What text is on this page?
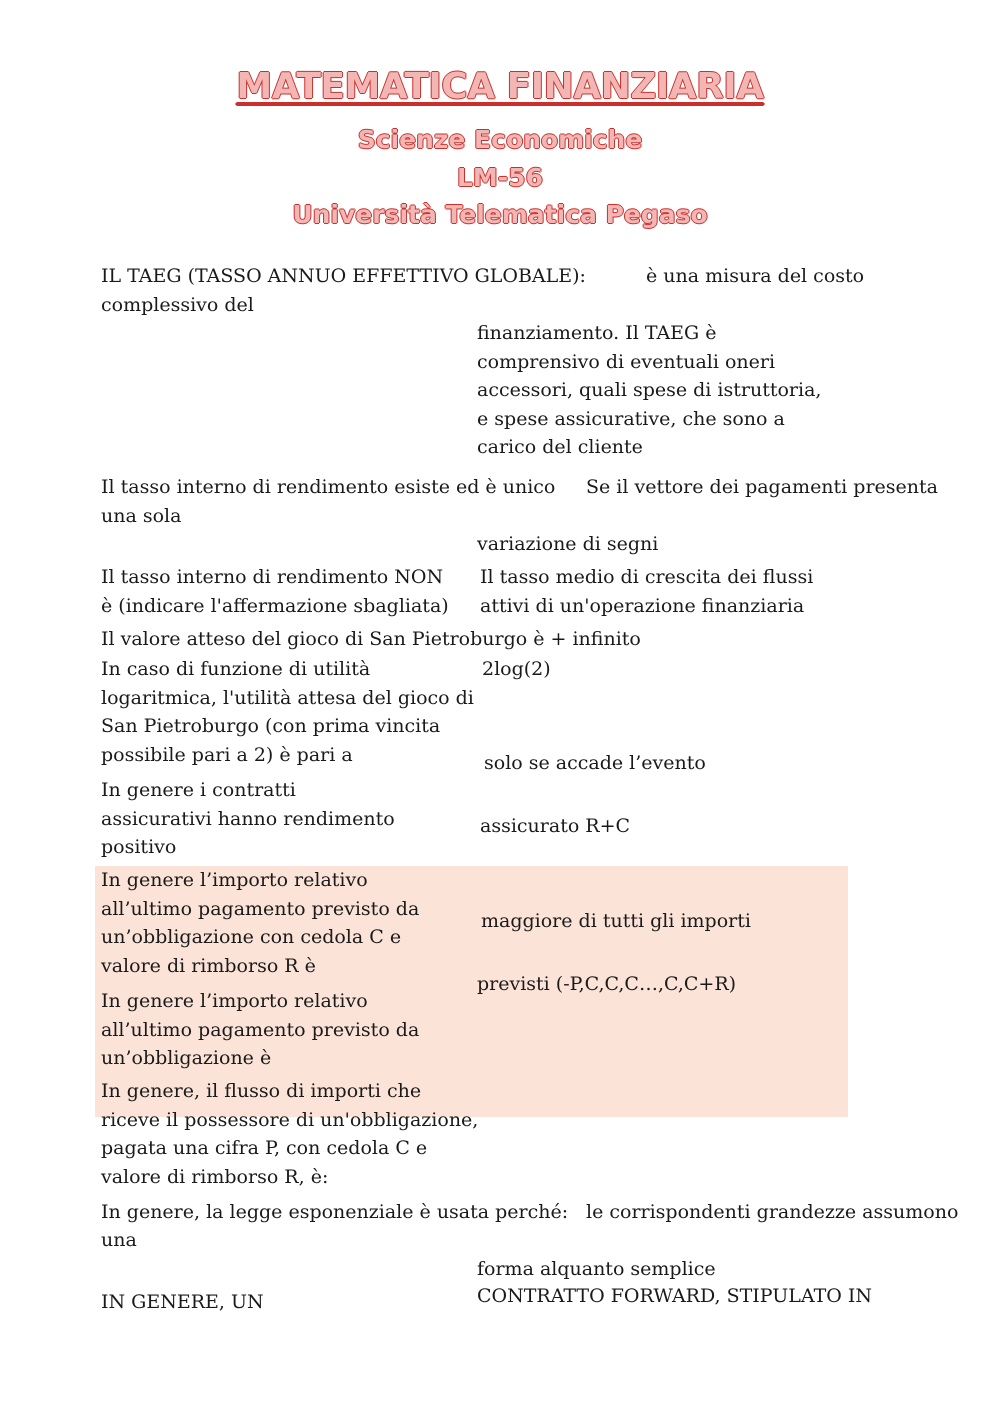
MATEMATICA FINANZIARIA
Scienze Economiche
LM-56
Università Telematica Pegaso

IL TAEG (TASSO ANNUO EFFETTIVO GLOBALE):	è una misura del costo

complessivo del

finanziamento. Il TAEG è
comprensivo di eventuali oneri
accessori, quali spese di istruttoria,
e spese assicurative, che sono a
carico del cliente

Il tasso interno di rendimento esiste ed è unico Se il vettore dei pagamenti presenta

una sola

variazione di segni

Il tasso interno di rendimento NON
è (indicare l'affermazione sbagliata)

Il tasso medio di crescita dei flussi
attivi di un'operazione finanziaria

Il valore atteso del gioco di San Pietroburgo è + infinito

In caso di funzione di utilità
logaritmica, l'utilità attesa del gioco di
San Pietroburgo (con prima vincita
possibile pari a 2) è pari a

2log(2)

solo se accade l’evento

In genere i contratti
assicurativi hanno rendimento
positivo

assicurato R+C

In genere l’importo relativo
all’ultimo pagamento previsto da
un’obbligazione con cedola C e
valore di rimborso R è

maggiore di tutti gli importi

previsti (-P,C,C,C…,C,C+R)

In genere l’importo relativo
all’ultimo pagamento previsto da
un’obbligazione è

In genere, il flusso di importi che
riceve il possessore di un'obbligazione,
pagata una cifra P, con cedola C e
valore di rimborso R, è:

In genere, la legge esponenziale è usata perché: le corrispondenti grandezze assumono

una

forma alquanto semplice

IN GENERE, UN	CONTRATTO FORWARD, STIPULATO IN
